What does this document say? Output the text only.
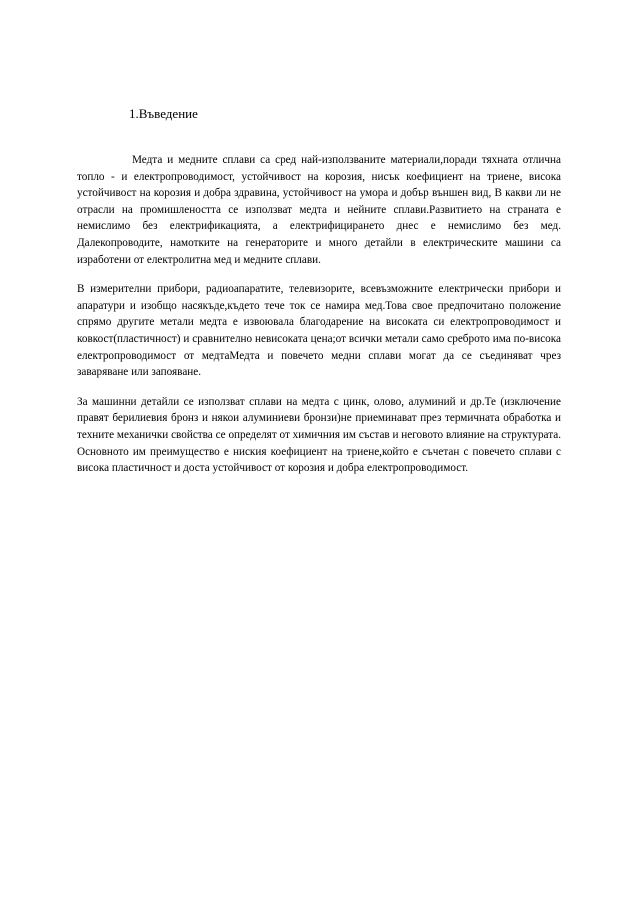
1.Въведение

Медта и медните сплави са сред най-използваните материали,поради тяхната отлична топло - и електропроводимост, устойчивост на корозия, нисък коефициент на триене, висока устойчивост на корозия и добра здравина, устойчивост на умора и добър външен вид, В какви ли не отрасли на промишлеността се използват медта и нейните сплави.Развитието на страната е немислимо без електрификацията, а електрифицирането днес е немислимо без мед. Далекопроводите, намотките на генераторите и много детайли в електрическите машини са изработени от електролитна мед и медните сплави.

В измерителни прибори, радиоапаратите, телевизорите, всевъзможните електрически прибори и апаратури и изобщо насякъде,където тече ток се намира мед.Това свое предпочитано положение спрямо другите метали медта е извоювала благодарение на високата си електропроводимост и ковкост(пластичност) и сравнително невисоката цена;от всички метали само среброто има по-висока електропроводимост от медтаМедта и повечето медни сплави могат да се съединяват чрез заваряване или запояване.

За машинни детайли се използват сплави на медта с цинк, олово, алуминий и др.Те (изключение правят берилиевия бронз и някои алуминиеви бронзи)не приеминават през термичната обработка и техните механички свойства се определят от химичния им състав и неговото влияние на структурата. Основното им преимущество е ниския коефициент на триене,който е съчетан с повечето сплави с висока пластичност и доста устойчивост от корозия и добра електропроводимост.
